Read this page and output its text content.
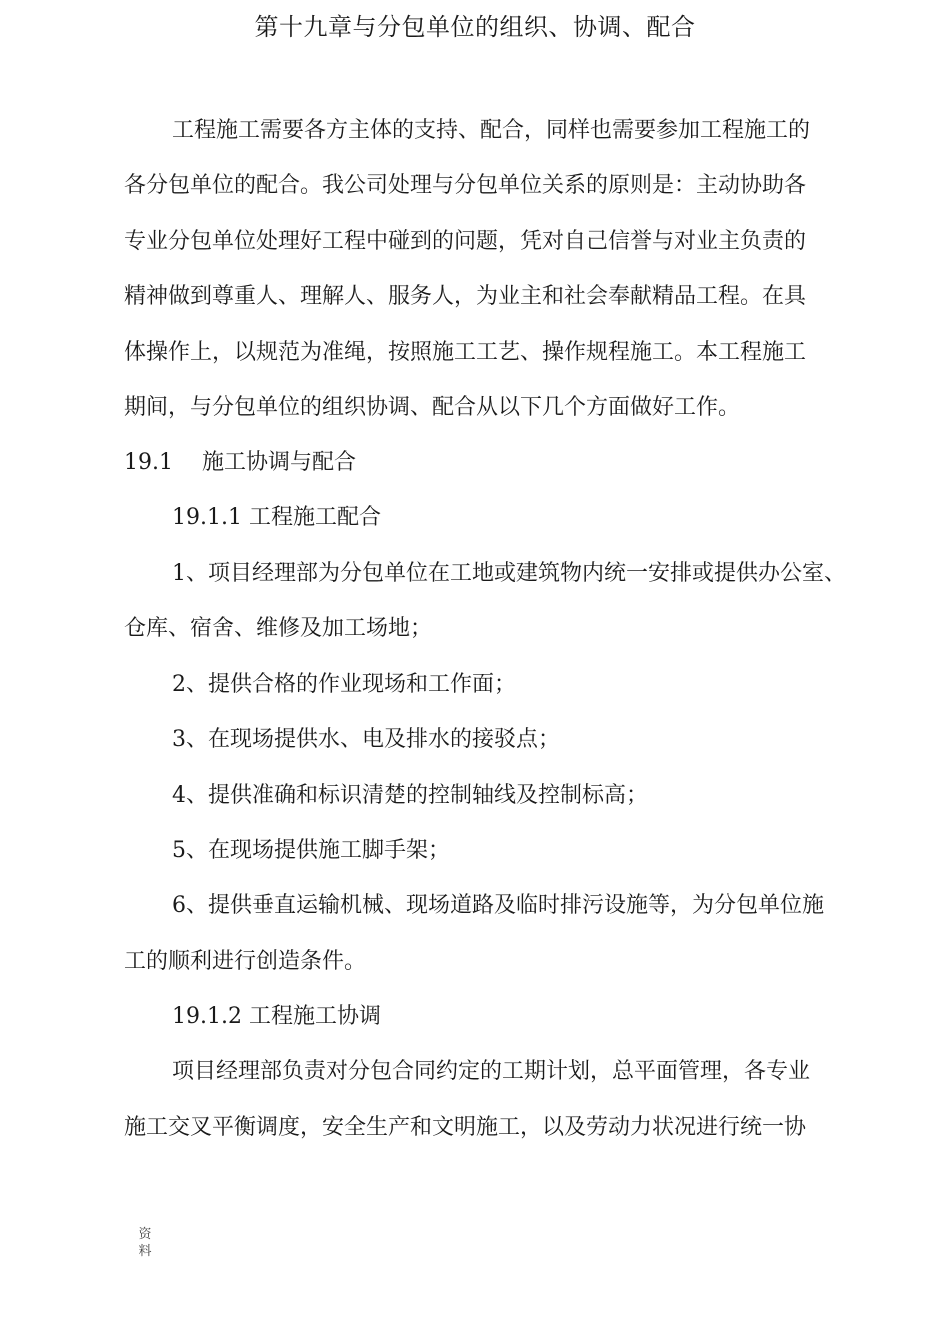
第十九章与分包单位的组织、协调、配合
工程施工需要各方主体的支持、配合，同样也需要参加工程施工的
各分包单位的配合。我公司处理与分包单位关系的原则是：主动协助各
专业分包单位处理好工程中碰到的问题，凭对自己信誉与对业主负责的
精神做到尊重人、理解人、服务人，为业主和社会奉献精品工程。在具
体操作上，以规范为准绳，按照施工工艺、操作规程施工。本工程施工
期间，与分包单位的组织协调、配合从以下几个方面做好工作。
19.1　 施工协调与配合
19.1.1 工程施工配合
1、项目经理部为分包单位在工地或建筑物内统一安排或提供办公室、
仓库、宿舍、维修及加工场地；
2、提供合格的作业现场和工作面；
3、在现场提供水、电及排水的接驳点；
4、提供准确和标识清楚的控制轴线及控制标高；
5、在现场提供施工脚手架；
6、提供垂直运输机械、现场道路及临时排污设施等，为分包单位施
工的顺利进行创造条件。
19.1.2 工程施工协调
项目经理部负责对分包合同约定的工期计划，总平面管理，各专业
施工交叉平衡调度，安全生产和文明施工，以及劳动力状况进行统一协
资
料
